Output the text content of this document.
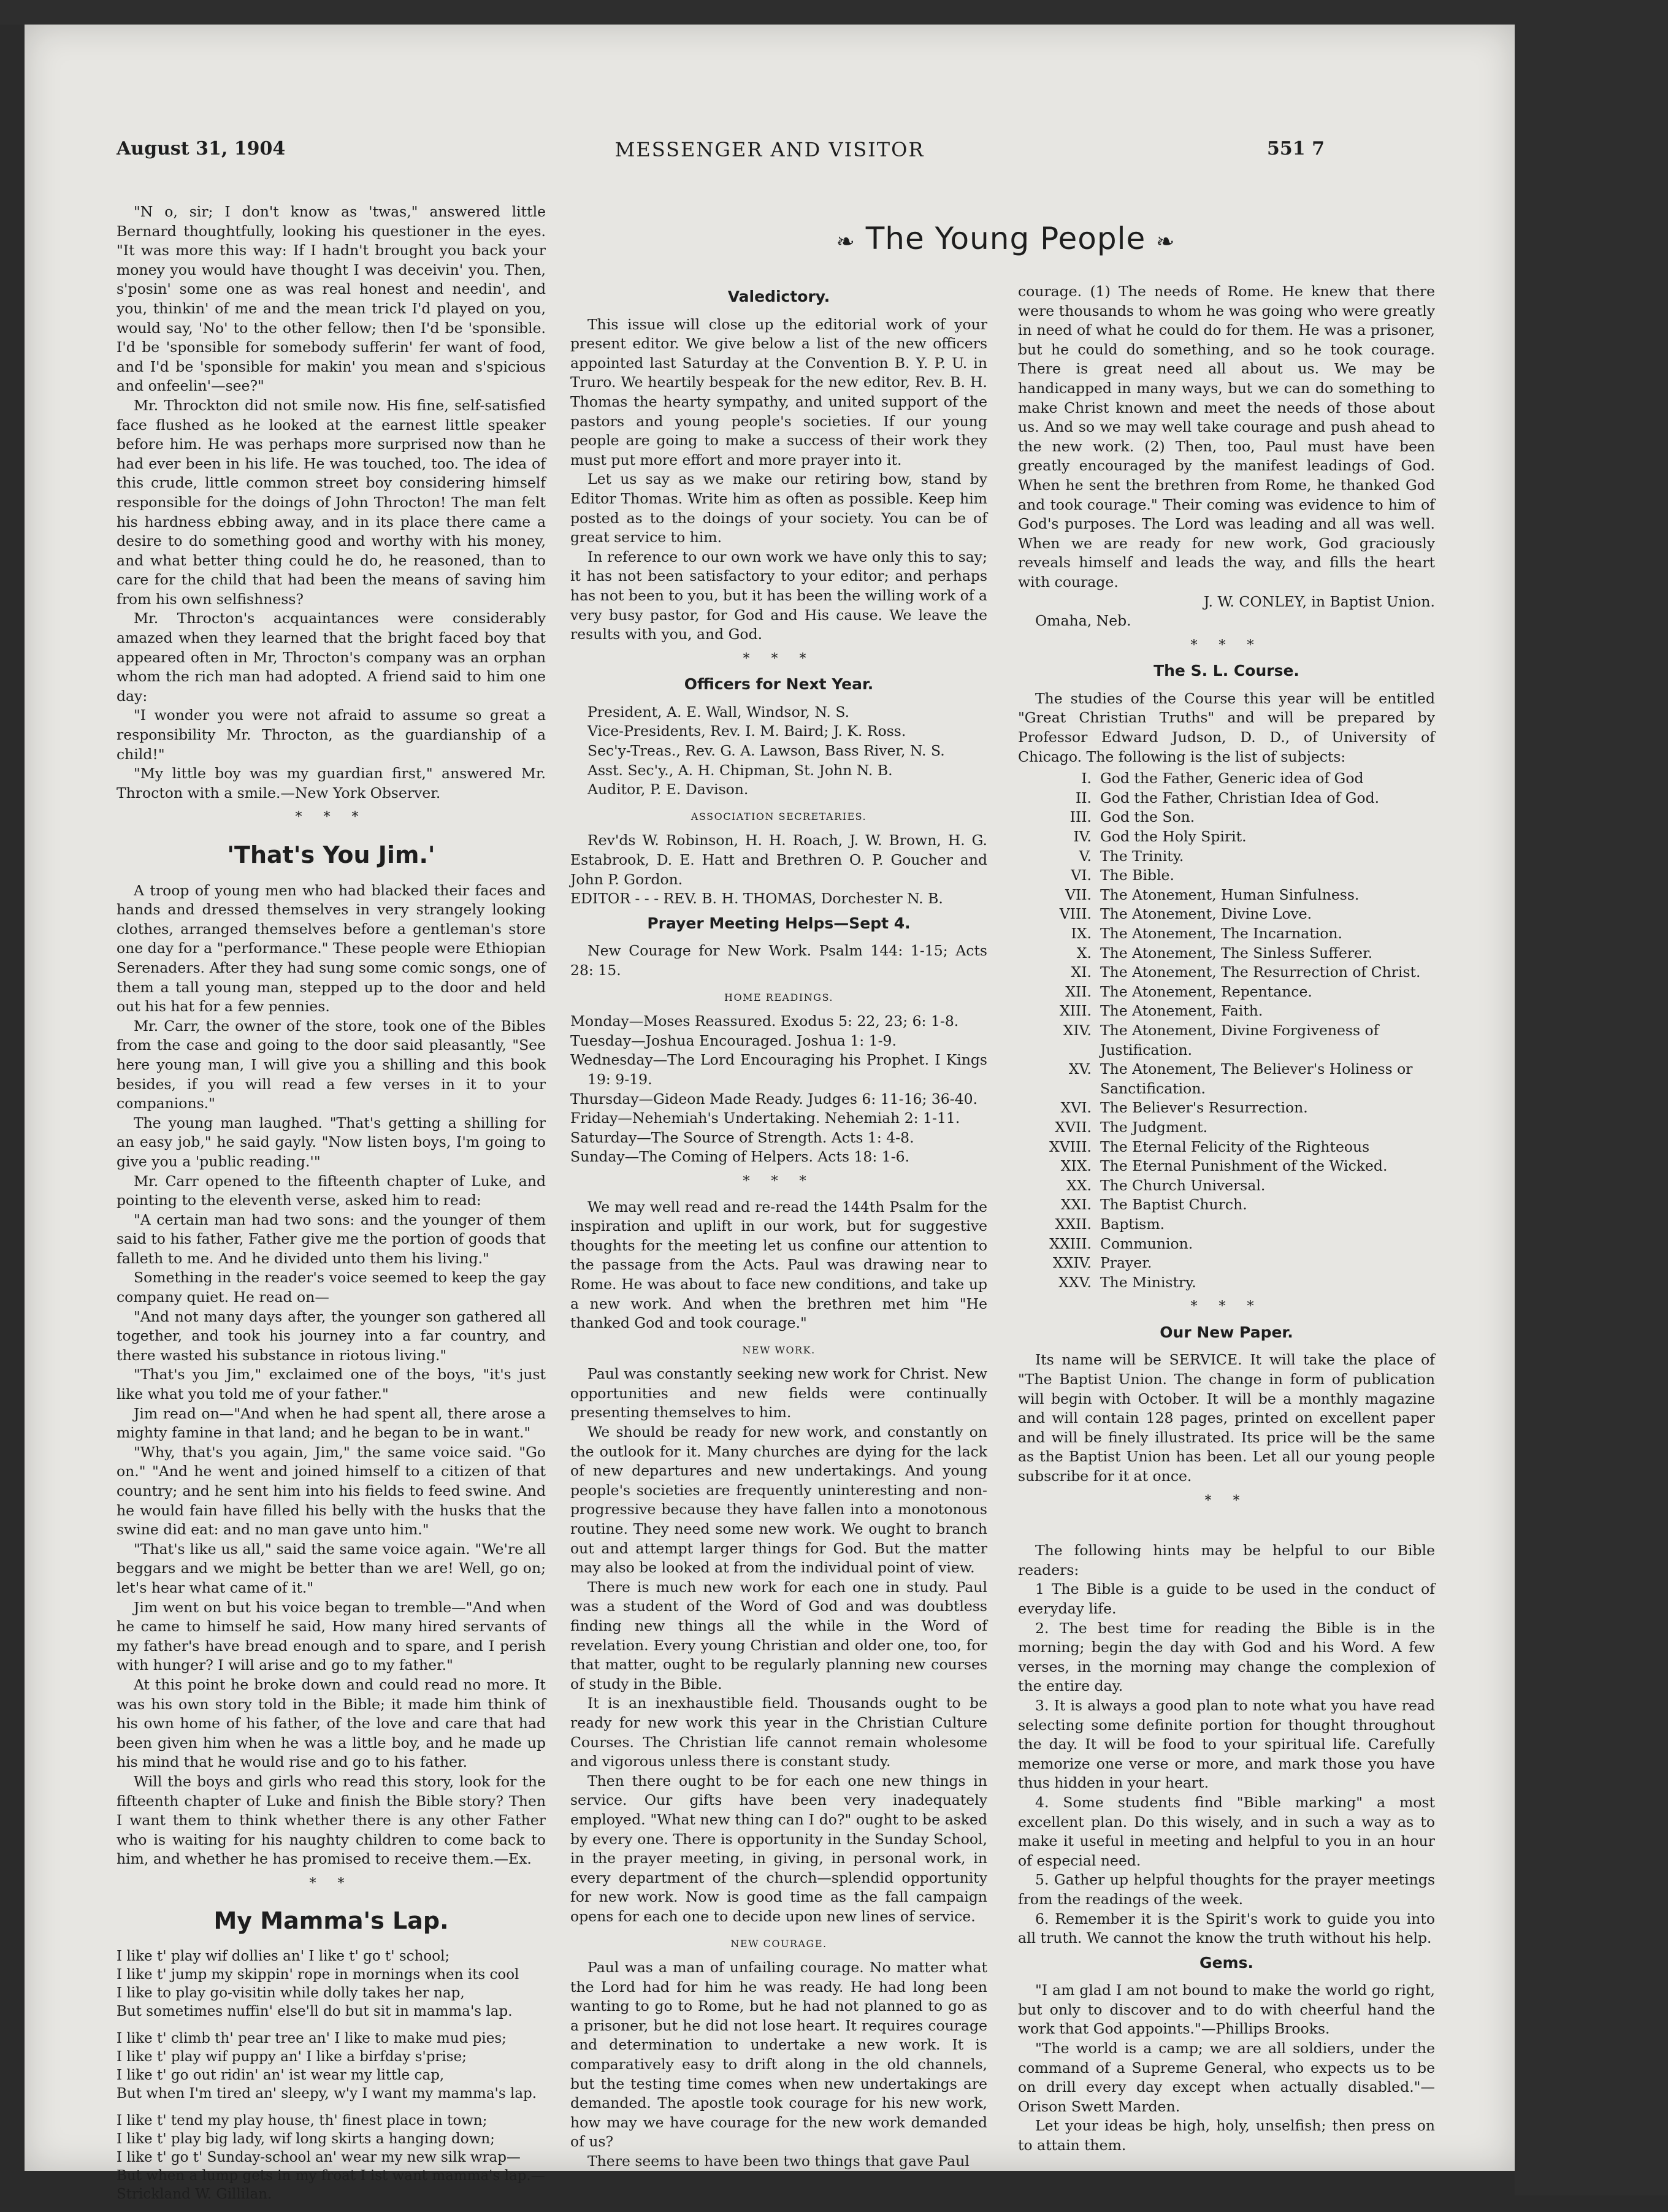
August 31, 1904	MESSENGER AND VISITOR	551 7
❧ The Young People ❧

"N o, sir; I don't know as 'twas," answered little Bernard thoughtfully, looking his questioner in the eyes. "It was more this way: If I hadn't brought you back your money you would have thought I was deceivin' you. Then, s'posin' some one as was real honest and needin', and you, thinkin' of me and the mean trick I'd played on you, would say, 'No' to the other fellow; then I'd be 'sponsible. I'd be 'sponsible for somebody sufferin' fer want of food, and I'd be 'sponsible for makin' you mean and s'spicious and onfeelin'—see?"

Mr. Throckton did not smile now. His fine, self-satisfied face flushed as he looked at the earnest little speaker before him. He was perhaps more surprised now than he had ever been in his life. He was touched, too. The idea of this crude, little common street boy considering himself responsible for the doings of John Throcton! The man felt his hardness ebbing away, and in its place there came a desire to do something good and worthy with his money, and what better thing could he do, he reasoned, than to care for the child that had been the means of saving him from his own selfishness?

Mr. Throcton's acquaintances were considerably amazed when they learned that the bright faced boy that appeared often in Mr, Throcton's company was an orphan whom the rich man had adopted. A friend said to him one day:

"I wonder you were not afraid to assume so great a responsibility Mr. Throcton, as the guardianship of a child!"

"My little boy was my guardian first," answered Mr. Throcton with a smile.—New York Observer.

* * *

'That's You Jim.'

A troop of young men who had blacked their faces and hands and dressed themselves in very strangely looking clothes, arranged themselves before a gentleman's store one day for a "performance." These people were Ethiopian Serenaders. After they had sung some comic songs, one of them a tall young man, stepped up to the door and held out his hat for a few pennies.

Mr. Carr, the owner of the store, took one of the Bibles from the case and going to the door said pleasantly, "See here young man, I will give you a shilling and this book besides, if you will read a few verses in it to your companions."

The young man laughed. "That's getting a shilling for an easy job," he said gayly. "Now listen boys, I'm going to give you a 'public reading.'"

Mr. Carr opened to the fifteenth chapter of Luke, and pointing to the eleventh verse, asked him to read:

"A certain man had two sons: and the younger of them said to his father, Father give me the portion of goods that falleth to me. And he divided unto them his living."

Something in the reader's voice seemed to keep the gay company quiet. He read on—

"And not many days after, the younger son gathered all together, and took his journey into a far country, and there wasted his substance in riotous living."

"That's you Jim," exclaimed one of the boys, "it's just like what you told me of your father."

Jim read on—"And when he had spent all, there arose a mighty famine in that land; and he began to be in want."

"Why, that's you again, Jim," the same voice said. "Go on." "And he went and joined himself to a citizen of that country; and he sent him into his fields to feed swine. And he would fain have filled his belly with the husks that the swine did eat: and no man gave unto him."

"That's like us all," said the same voice again. "We're all beggars and we might be better than we are! Well, go on; let's hear what came of it."

Jim went on but his voice began to tremble—"And when he came to himself he said, How many hired servants of my father's have bread enough and to spare, and I perish with hunger? I will arise and go to my father."

At this point he broke down and could read no more. It was his own story told in the Bible; it made him think of his own home of his father, of the love and care that had been given him when he was a little boy, and he made up his mind that he would rise and go to his father.

Will the boys and girls who read this story, look for the fifteenth chapter of Luke and finish the Bible story? Then I want them to think whether there is any other Father who is waiting for his naughty children to come back to him, and whether he has promised to receive them.—Ex.

* *

My Mamma's Lap.

I like t' play wif dollies an' I like t' go t' school;

I like t' jump my skippin' rope in mornings when its cool

I like to play go-visitin while dolly takes her nap,

But sometimes nuffin' else'll do but sit in mamma's lap.

I like t' climb th' pear tree an' I like to make mud pies;

I like t' play wif puppy an' I like a birfday s'prise;

I like t' go out ridin' an' ist wear my little cap,

But when I'm tired an' sleepy, w'y I want my mamma's lap.

I like t' tend my play house, th' finest place in town;

I like t' play big lady, wif long skirts a hanging down;

I like t' go t' Sunday-school an' wear my new silk wrap—

But when a lump gets in my froat I ist want mamma's lap.—Strickland W. Gillilan.

Valedictory.

This issue will close up the editorial work of your present editor. We give below a list of the new officers appointed last Saturday at the Convention B. Y. P. U. in Truro. We heartily bespeak for the new editor, Rev. B. H. Thomas the hearty sympathy, and united support of the pastors and young people's societies. If our young people are going to make a success of their work they must put more effort and more prayer into it.

Let us say as we make our retiring bow, stand by Editor Thomas. Write him as often as possible. Keep him posted as to the doings of your society. You can be of great service to him.

In reference to our own work we have only this to say; it has not been satisfactory to your editor; and perhaps has not been to you, but it has been the willing work of a very busy pastor, for God and His cause. We leave the results with you, and God.

* * *

Officers for Next Year.

President, A. E. Wall, Windsor, N. S.

Vice-Presidents, Rev. I. M. Baird; J. K. Ross.

Sec'y-Treas., Rev. G. A. Lawson, Bass River, N. S.

Asst. Sec'y., A. H. Chipman, St. John N. B.

Auditor, P. E. Davison.

ASSOCIATION SECRETARIES.

Rev'ds W. Robinson, H. H. Roach, J. W. Brown, H. G. Estabrook, D. E. Hatt and Brethren O. P. Goucher and John P. Gordon.

EDITOR - - - REV. B. H. THOMAS, Dorchester N. B.

Prayer Meeting Helps—Sept 4.

New Courage for New Work. Psalm 144: 1-15; Acts 28: 15.

HOME READINGS.

Monday—Moses Reassured. Exodus 5: 22, 23; 6: 1-8.

Tuesday—Joshua Encouraged. Joshua 1: 1-9.

Wednesday—The Lord Encouraging his Prophet. I Kings 19: 9-19.

Thursday—Gideon Made Ready. Judges 6: 11-16; 36-40.

Friday—Nehemiah's Undertaking. Nehemiah 2: 1-11.

Saturday—The Source of Strength. Acts 1: 4-8.

Sunday—The Coming of Helpers. Acts 18: 1-6.

* * *

We may well read and re-read the 144th Psalm for the inspiration and uplift in our work, but for suggestive thoughts for the meeting let us confine our attention to the passage from the Acts. Paul was drawing near to Rome. He was about to face new conditions, and take up a new work. And when the brethren met him "He thanked God and took courage."

NEW WORK.

Paul was constantly seeking new work for Christ. New opportunities and new fields were continually presenting themselves to him.

We should be ready for new work, and constantly on the outlook for it. Many churches are dying for the lack of new departures and new undertakings. And young people's societies are frequently uninteresting and non-progressive because they have fallen into a monotonous routine. They need some new work. We ought to branch out and attempt larger things for God. But the matter may also be looked at from the individual point of view.

There is much new work for each one in study. Paul was a student of the Word of God and was doubtless finding new things all the while in the Word of revelation. Every young Christian and older one, too, for that matter, ought to be regularly planning new courses of study in the Bible.

It is an inexhaustible field. Thousands ought to be ready for new work this year in the Christian Culture Courses. The Christian life cannot remain wholesome and vigorous unless there is constant study.

Then there ought to be for each one new things in service. Our gifts have been very inadequately employed. "What new thing can I do?" ought to be asked by every one. There is opportunity in the Sunday School, in the prayer meeting, in giving, in personal work, in every department of the church—splendid opportunity for new work. Now is good time as the fall campaign opens for each one to decide upon new lines of service.

NEW COURAGE.

Paul was a man of unfailing courage. No matter what the Lord had for him he was ready. He had long been wanting to go to Rome, but he had not planned to go as a prisoner, but he did not lose heart. It requires courage and determination to undertake a new work. It is comparatively easy to drift along in the old channels, but the testing time comes when new undertakings are demanded. The apostle took courage for his new work, how may we have courage for the new work demanded of us?

There seems to have been two things that gave Paul

courage. (1) The needs of Rome. He knew that there were thousands to whom he was going who were greatly in need of what he could do for them. He was a prisoner, but he could do something, and so he took courage. There is great need all about us. We may be handicapped in many ways, but we can do something to make Christ known and meet the needs of those about us. And so we may well take courage and push ahead to the new work. (2) Then, too, Paul must have been greatly encouraged by the manifest leadings of God. When he sent the brethren from Rome, he thanked God and took courage." Their coming was evidence to him of God's purposes. The Lord was leading and all was well. When we are ready for new work, God graciously reveals himself and leads the way, and fills the heart with courage.

J. W. CONLEY, in Baptist Union.

Omaha, Neb.

* * *

The S. L. Course.

The studies of the Course this year will be entitled "Great Christian Truths" and will be prepared by Professor Edward Judson, D. D., of University of Chicago. The following is the list of subjects:

I. God the Father, Generic idea of God
II. God the Father, Christian Idea of God.
III. God the Son.
IV. God the Holy Spirit.
V. The Trinity.
VI. The Bible.
VII. The Atonement, Human Sinfulness.
VIII. The Atonement, Divine Love.
IX. The Atonement, The Incarnation.
X. The Atonement, The Sinless Sufferer.
XI. The Atonement, The Resurrection of Christ.
XII. The Atonement, Repentance.
XIII. The Atonement, Faith.
XIV. The Atonement, Divine Forgiveness of Justification.
XV. The Atonement, The Believer's Holiness or Sanctification.
XVI. The Believer's Resurrection.
XVII. The Judgment.
XVIII. The Eternal Felicity of the Righteous
XIX. The Eternal Punishment of the Wicked.
XX. The Church Universal.
XXI. The Baptist Church.
XXII. Baptism.
XXIII. Communion.
XXIV. Prayer.
XXV. The Ministry.

* * *

Our New Paper.

Its name will be SERVICE. It will take the place of "The Baptist Union. The change in form of publication will begin with October. It will be a monthly magazine and will contain 128 pages, printed on excellent paper and will be finely illustrated. Its price will be the same as the Baptist Union has been. Let all our young people subscribe for it at once.

* *

The following hints may be helpful to our Bible readers:

1 The Bible is a guide to be used in the conduct of everyday life.

2. The best time for reading the Bible is in the morning; begin the day with God and his Word. A few verses, in the morning may change the complexion of the entire day.

3. It is always a good plan to note what you have read selecting some definite portion for thought throughout the day. It will be food to your spiritual life. Carefully memorize one verse or more, and mark those you have thus hidden in your heart.

4. Some students find "Bible marking" a most excellent plan. Do this wisely, and in such a way as to make it useful in meeting and helpful to you in an hour of especial need.

5. Gather up helpful thoughts for the prayer meetings from the readings of the week.

6. Remember it is the Spirit's work to guide you into all truth. We cannot the know the truth without his help.

Gems.

"I am glad I am not bound to make the world go right, but only to discover and to do with cheerful hand the work that God appoints."—Phillips Brooks.

"The world is a camp; we are all soldiers, under the command of a Supreme General, who expects us to be on drill every day except when actually disabled."—Orison Swett Marden.

Let your ideas be high, holy, unselfish; then press on to attain them.
